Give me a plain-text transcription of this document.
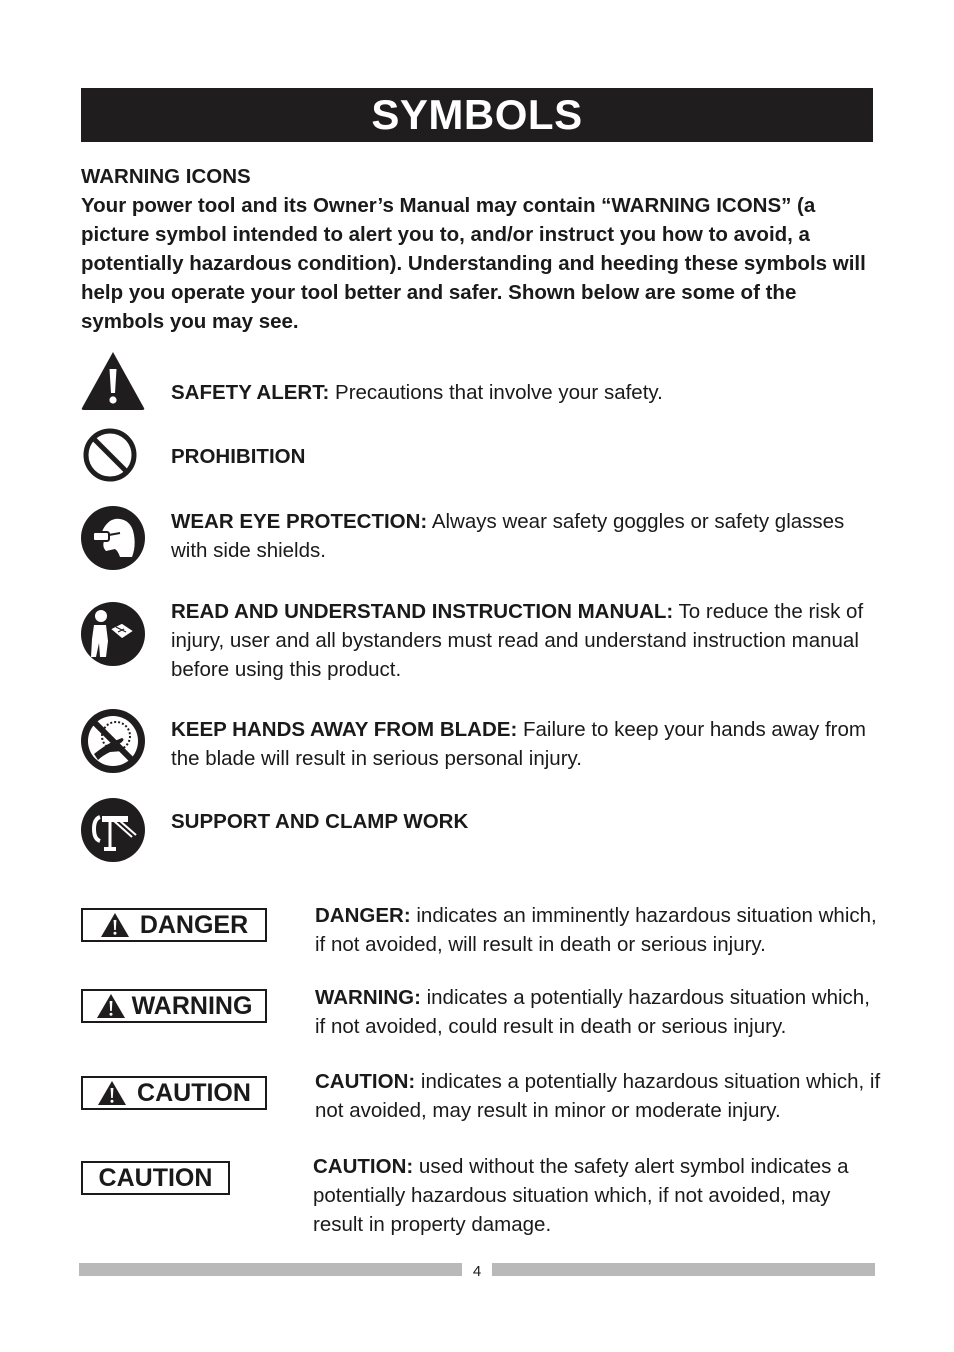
SYMBOLS

WARNING ICONS

Your power tool and its Owner’s Manual may contain “WARNING ICONS” (a picture symbol intended to alert you to, and/or instruct you how to avoid, a potentially hazardous condition). Understanding and heeding these symbols will help you operate your tool better and safer. Shown below are some of the symbols you may see.

SAFETY ALERT: Precautions that involve your safety.
PROHIBITION
WEAR EYE PROTECTION: Always wear safety goggles or safety glasses with side shields.
READ AND UNDERSTAND INSTRUCTION MANUAL: To reduce the risk of injury, user and all bystanders must read and understand instruction manual before using this product.
KEEP HANDS AWAY FROM BLADE: Failure to keep your hands away from the blade will result in serious personal injury.
SUPPORT AND CLAMP WORK
DANGER	DANGER: indicates an imminently hazardous situation which, if not avoided, will result in death or serious injury.
WARNING	WARNING: indicates a potentially hazardous situation which, if not avoided, could result in death or serious injury.
CAUTION	CAUTION: indicates a potentially hazardous situation which, if not avoided, may result in minor or moderate injury.
CAUTION	CAUTION: used without the safety alert symbol indicates a potentially hazardous situation which, if not avoided, may result in property damage.
4
